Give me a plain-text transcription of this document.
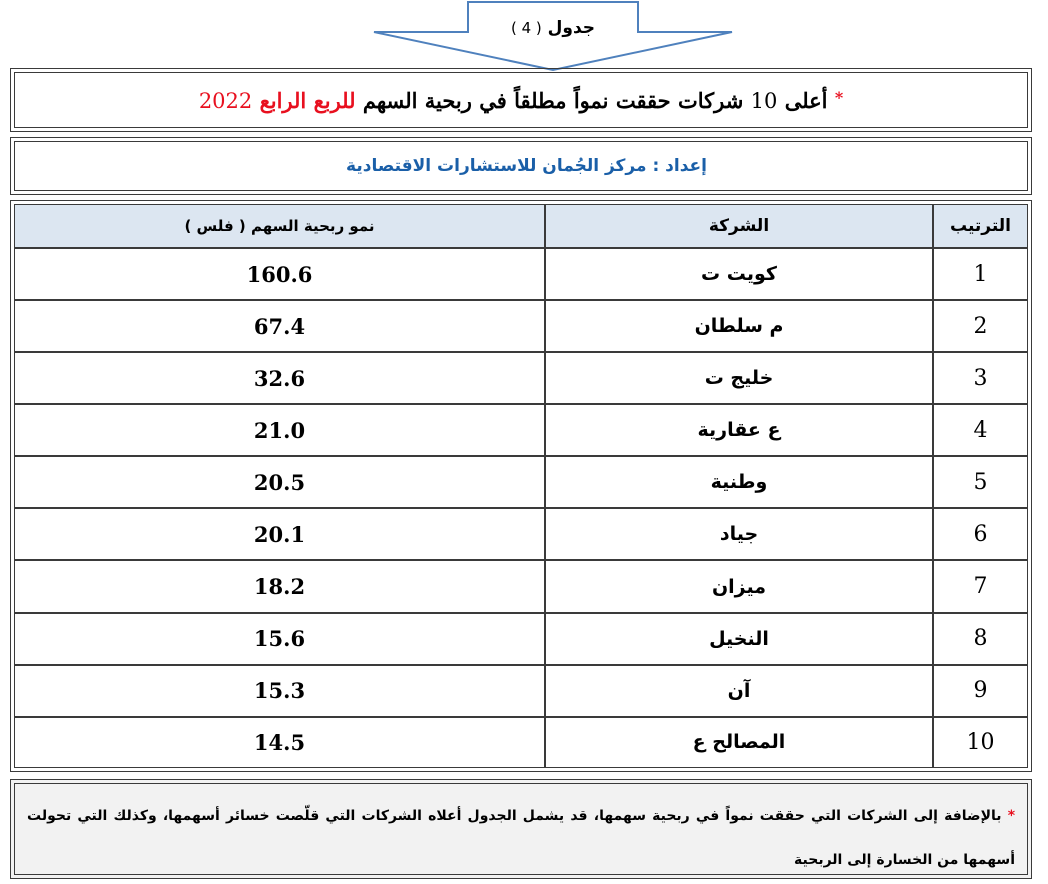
جدول ( 4 )
* أعلى 10 شركات حققت نمواً مطلقاً في ربحية السهم للربع الرابع 2022
إعداد : مركز الجُمان للاستشارات الاقتصادية
الترتيب	الشركة	نمو ربحية السهم ( فلس )
1	كويت ت	160.6
2	م سلطان	67.4
3	خليج ت	32.6
4	ع عقارية	21.0
5	وطنية	20.5
6	جياد	20.1
7	ميزان	18.2
8	النخيل	15.6
9	آن	15.3
10	المصالح ع	14.5
* بالإضافة إلى الشركات التي حققت نمواً في ربحية سهمها، قد يشمل الجدول أعلاه الشركات التي قلّصت خسائر أسهمها، وكذلك التي تحولت أسهمها من الخسارة إلى الربحية
